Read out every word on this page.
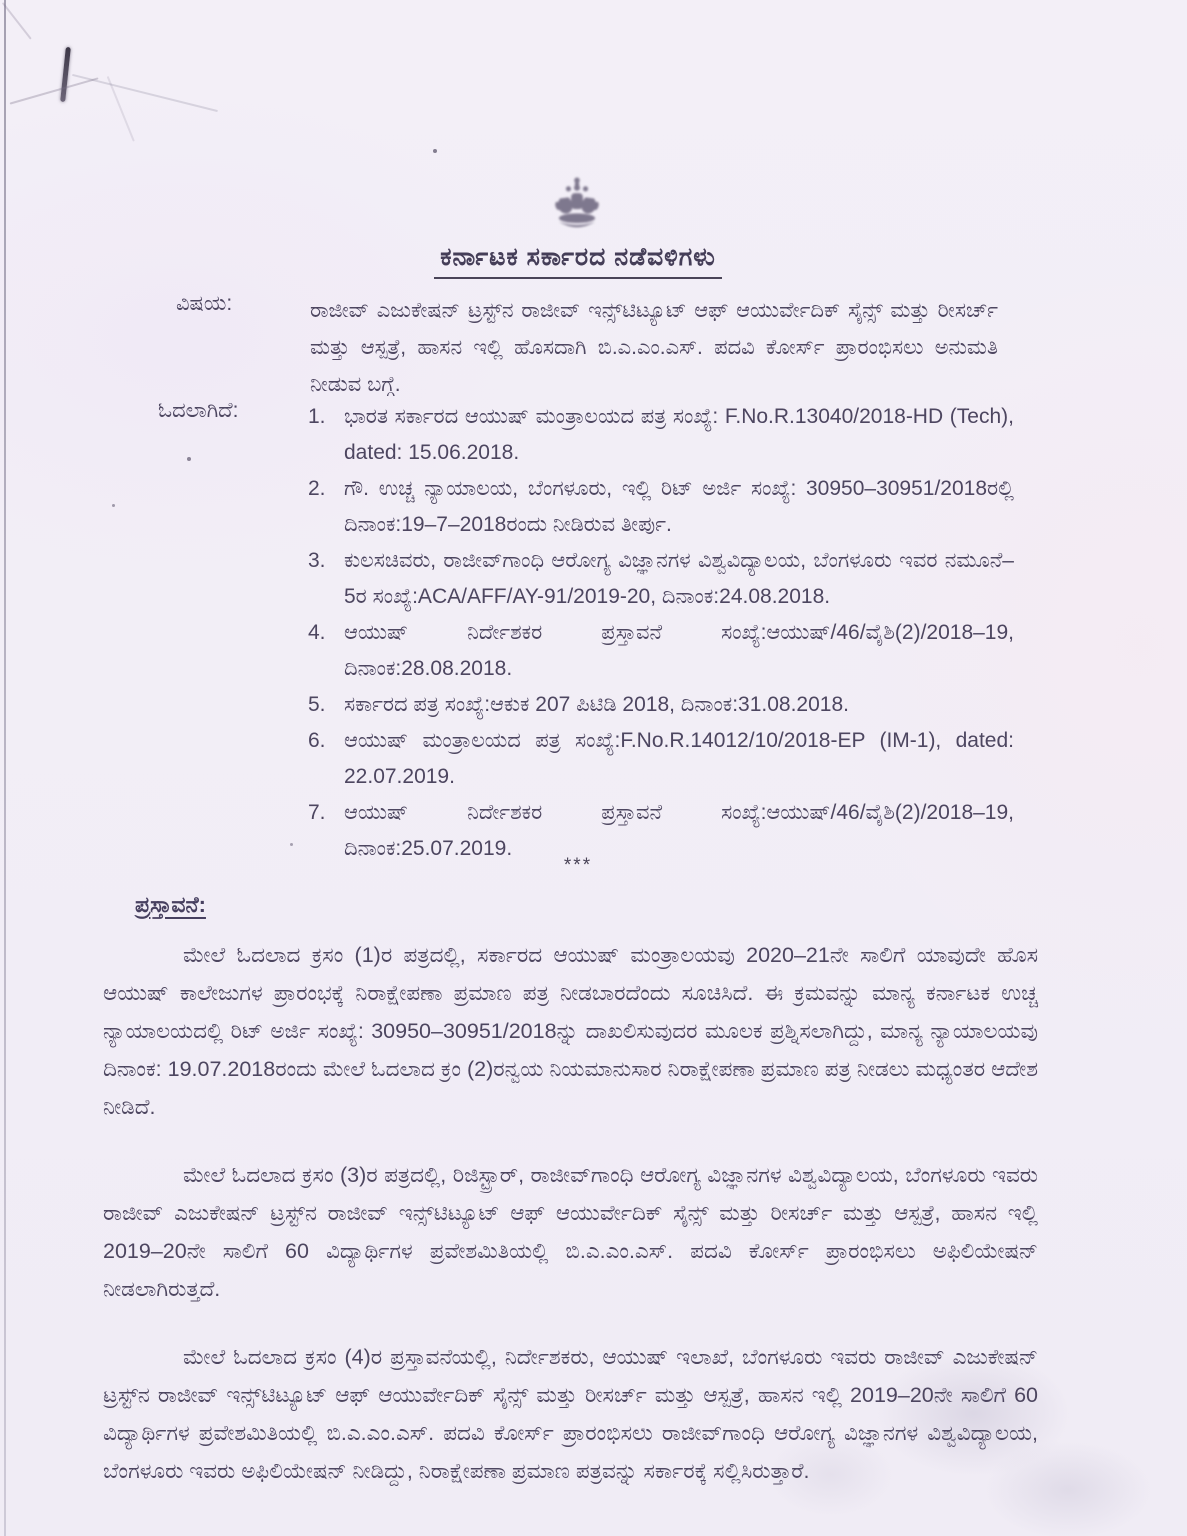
ಕರ್ನಾಟಕ ಸರ್ಕಾರದ ನಡೆವಳಿಗಳು
ವಿಷಯ:	ರಾಜೀವ್ ಎಜುಕೇಷನ್ ಟ್ರಸ್ಟ್‌ನ ರಾಜೀವ್ ಇನ್ಸ್‌ಟಿಟ್ಯೂಟ್ ಆಫ್ ಆಯುರ್ವೇದಿಕ್ ಸೈನ್ಸ್ ಮತ್ತು ರೀಸರ್ಚ್ ಮತ್ತು ಆಸ್ಪತ್ರೆ, ಹಾಸನ ಇಲ್ಲಿ ಹೊಸದಾಗಿ ಬಿ.ಎ.ಎಂ.ಎಸ್. ಪದವಿ ಕೋರ್ಸ್ ಪ್ರಾರಂಭಿಸಲು ಅನುಮತಿ ನೀಡುವ ಬಗ್ಗೆ.
ಓದಲಾಗಿದೆ:	1. ಭಾರತ ಸರ್ಕಾರದ ಆಯುಷ್ ಮಂತ್ರಾಲಯದ ಪತ್ರ ಸಂಖ್ಯೆ: F.No.R.13040/2018-HD (Tech), dated: 15.06.2018.
2. ಗೌ. ಉಚ್ಚ ನ್ಯಾಯಾಲಯ, ಬೆಂಗಳೂರು, ಇಲ್ಲಿ ರಿಟ್ ಅರ್ಜಿ ಸಂಖ್ಯೆ: 30950–30951/2018ರಲ್ಲಿ ದಿನಾಂಕ:19–7–2018ರಂದು ನೀಡಿರುವ ತೀರ್ಪು.
3. ಕುಲಸಚಿವರು, ರಾಜೀವ್‌ಗಾಂಧಿ ಆರೋಗ್ಯ ವಿಜ್ಞಾನಗಳ ವಿಶ್ವವಿದ್ಯಾಲಯ, ಬೆಂಗಳೂರು ಇವರ ನಮೂನೆ–5ರ ಸಂಖ್ಯೆ:ACA/AFF/AY-91/2019-20, ದಿನಾಂಕ:24.08.2018.
4. ಆಯುಷ್ ನಿರ್ದೇಶಕರ ಪ್ರಸ್ತಾವನೆ ಸಂಖ್ಯೆ:ಆಯುಷ್/46/ವೈಶಿ(2)/2018–19, ದಿನಾಂಕ:28.08.2018.
5. ಸರ್ಕಾರದ ಪತ್ರ ಸಂಖ್ಯೆ:ಆಕುಕ 207 ಪಿಟಿಡಿ 2018, ದಿನಾಂಕ:31.08.2018.
6. ಆಯುಷ್ ಮಂತ್ರಾಲಯದ ಪತ್ರ ಸಂಖ್ಯೆ:F.No.R.14012/10/2018-EP (IM-1), dated: 22.07.2019.
7. ಆಯುಷ್ ನಿರ್ದೇಶಕರ ಪ್ರಸ್ತಾವನೆ ಸಂಖ್ಯೆ:ಆಯುಷ್/46/ವೈಶಿ(2)/2018–19, ದಿನಾಂಕ:25.07.2019.
***
ಪ್ರಸ್ತಾವನೆ:

ಮೇಲೆ ಓದಲಾದ ಕ್ರಸಂ (1)ರ ಪತ್ರದಲ್ಲಿ, ಸರ್ಕಾರದ ಆಯುಷ್ ಮಂತ್ರಾಲಯವು 2020–21ನೇ ಸಾಲಿಗೆ ಯಾವುದೇ ಹೊಸ ಆಯುಷ್ ಕಾಲೇಜುಗಳ ಪ್ರಾರಂಭಕ್ಕೆ ನಿರಾಕ್ಷೇಪಣಾ ಪ್ರಮಾಣ ಪತ್ರ ನೀಡಬಾರದೆಂದು ಸೂಚಿಸಿದೆ. ಈ ಕ್ರಮವನ್ನು ಮಾನ್ಯ ಕರ್ನಾಟಕ ಉಚ್ಚ ನ್ಯಾಯಾಲಯದಲ್ಲಿ ರಿಟ್ ಅರ್ಜಿ ಸಂಖ್ಯೆ: 30950–30951/2018ನ್ನು ದಾಖಲಿಸುವುದರ ಮೂಲಕ ಪ್ರಶ್ನಿಸಲಾಗಿದ್ದು, ಮಾನ್ಯ ನ್ಯಾಯಾಲಯವು ದಿನಾಂಕ: 19.07.2018ರಂದು ಮೇಲೆ ಓದಲಾದ ಕ್ರಂ (2)ರನ್ವಯ ನಿಯಮಾನುಸಾರ ನಿರಾಕ್ಷೇಪಣಾ ಪ್ರಮಾಣ ಪತ್ರ ನೀಡಲು ಮಧ್ಯಂತರ ಆದೇಶ ನೀಡಿದೆ.

ಮೇಲೆ ಓದಲಾದ ಕ್ರಸಂ (3)ರ ಪತ್ರದಲ್ಲಿ, ರಿಜಿಸ್ಟ್ರಾರ್, ರಾಜೀವ್‌ಗಾಂಧಿ ಆರೋಗ್ಯ ವಿಜ್ಞಾನಗಳ ವಿಶ್ವವಿದ್ಯಾಲಯ, ಬೆಂಗಳೂರು ಇವರು ರಾಜೀವ್ ಎಜುಕೇಷನ್ ಟ್ರಸ್ಟ್‌ನ ರಾಜೀವ್ ಇನ್ಸ್‌ಟಿಟ್ಯೂಟ್ ಆಫ್ ಆಯುರ್ವೇದಿಕ್ ಸೈನ್ಸ್ ಮತ್ತು ರೀಸರ್ಚ್ ಮತ್ತು ಆಸ್ಪತ್ರೆ, ಹಾಸನ ಇಲ್ಲಿ 2019–20ನೇ ಸಾಲಿಗೆ 60 ವಿದ್ಯಾರ್ಥಿಗಳ ಪ್ರವೇಶಮಿತಿಯಲ್ಲಿ ಬಿ.ಎ.ಎಂ.ಎಸ್. ಪದವಿ ಕೋರ್ಸ್ ಪ್ರಾರಂಭಿಸಲು ಅಫಿಲಿಯೇಷನ್ ನೀಡಲಾಗಿರುತ್ತದೆ.

ಮೇಲೆ ಓದಲಾದ ಕ್ರಸಂ (4)ರ ಪ್ರಸ್ತಾವನೆಯಲ್ಲಿ, ನಿರ್ದೇಶಕರು, ಆಯುಷ್ ಇಲಾಖೆ, ಬೆಂಗಳೂರು ಇವರು ರಾಜೀವ್ ಎಜುಕೇಷನ್ ಟ್ರಸ್ಟ್‌ನ ರಾಜೀವ್ ಇನ್ಸ್‌ಟಿಟ್ಯೂಟ್ ಆಫ್ ಆಯುರ್ವೇದಿಕ್ ಸೈನ್ಸ್ ಮತ್ತು ರೀಸರ್ಚ್ ಮತ್ತು ಆಸ್ಪತ್ರೆ, ಹಾಸನ ಇಲ್ಲಿ 2019–20ನೇ ಸಾಲಿಗೆ 60 ವಿದ್ಯಾರ್ಥಿಗಳ ಪ್ರವೇಶಮಿತಿಯಲ್ಲಿ ಬಿ.ಎ.ಎಂ.ಎಸ್. ಪದವಿ ಕೋರ್ಸ್ ಪ್ರಾರಂಭಿಸಲು ರಾಜೀವ್‌ಗಾಂಧಿ ಆರೋಗ್ಯ ವಿಜ್ಞಾನಗಳ ವಿಶ್ವವಿದ್ಯಾಲಯ, ಬೆಂಗಳೂರು ಇವರು ಅಫಿಲಿಯೇಷನ್ ನೀಡಿದ್ದು, ನಿರಾಕ್ಷೇಪಣಾ ಪ್ರಮಾಣ ಪತ್ರವನ್ನು ಸರ್ಕಾರಕ್ಕೆ ಸಲ್ಲಿಸಿರುತ್ತಾರೆ.
